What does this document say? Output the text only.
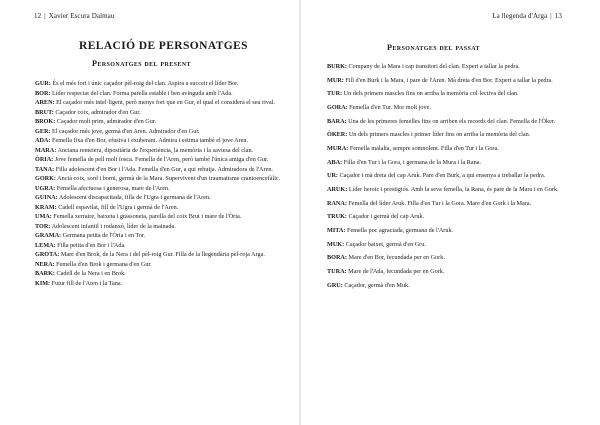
12 | Xavier Escura Dalmau
RELACIÓ DE PERSONATGES
Personatges del present
GUR: És el més fort i únic caçador pèl-roig del clan. Aspira a succeir el líder Bor.
BOR: Líder respectat del clan. Forma parella estable i ben avinguda amb l'Ada.
AREN: El caçador més intel·ligent, però menys fort que en Gur, el qual el considera el seu rival.
BRUT: Caçador coix, admirador d'en Gur.
BROK: Caçador molt prim, admirador d'en Gur.
GER: El caçador més jove, germà d'en Aren. Admirador d'en Gur.
ADA: Femella fixa d'en Bor, efusiva i exuberant. Admira i estima també el jove Aren.
MARA: Anciana remeiera, dipositària de l'experiència, la memòria i la saviesa del clan.
ÒRIA: Jove femella de pell molt fosca. Femella de l'Aren, però també l'única amiga d'en Gur.
TANA: Filla adolescent d'en Bor i l'Ada. Femella d'en Gur, a qui rebutja. Admiradora de l'Aren.
GORK: Ancià coix, sord i borni, germà de la Mara. Supervivent d'un traumatisme cranioencefàlic.
UGRA: Femella afectuosa i generosa, mare de l'Aren.
GUINA: Adolescent discapacitada, filla de l'Ugra i germana de l'Aren.
KRAM: Cadell espavilat, fill de l'Ugra i germà de l'Aren.
UMA: Femella xerraire, baixeta i grassoneta, parella del coix Brut i mare de l'Òria.
TOR: Adolescent infantil i rodanxó, líder de la mainada.
GRAMA: Germana petita de l'Òria i en Tor.
LEMA: Filla petita d'en Bor i l'Ada.
GROTA: Mare d'en Brok, de la Nera i del pèl-roig Gur. Filla de la llegendària pèl-roja Arga.
NERA: Femella d'en Brok i germana d'en Gur.
BARK: Cadell de la Nera i en Brok.
KIM: Futur fill de l'Aren i la Tana.
La llegenda d'Arga | 13
Personatges del passat
BURK: Company de la Mara i cap transitori del clan. Expert a tallar la pedra.
MUR: Fill d'en Burk i la Mara, i pare de l'Aren. Mà dreta d'en Bor. Expert a tallar la pedra.
TUR: Un dels primers mascles fins on arriba la memòria col·lectiva del clan.
GORA: Femella d'en Tur. Mor molt jove.
BARA: Una de les primeres femelles fins on arriben els records del clan. Femella de l'Òker.
ÒKER: Un dels primers mascles i primer líder fins on arriba la memòria del clan.
MURA: Femella malalta, sempre somnolent. Filla d'en Tur i la Gora.
ABA: Filla d'en Tur i la Gora, i germana de la Mura i la Rana.
UR: Caçador i mà dreta del cap Aruk. Pare d'en Burk, a qui ensenya a treballar la pedra.
ARUK: Líder heroic i prestigiós. Amb la seva femella, la Rana, és pare de la Mara i en Gork.
RANA: Femella del líder Aruk. Filla d'en Tur i la Gora. Mare d'en Gork i la Mara.
TRUK: Caçador i germà del cap Aruk.
MITA: Femella poc agraciada, germana de l'Aruk.
MUK: Caçador baixet, germà d'en Gru.
BORA: Mare d'en Bor, fecundada per en Gork.
TURA: Mare de l'Ada, fecundada per en Gork.
GRU: Caçador, germà d'en Muk.
